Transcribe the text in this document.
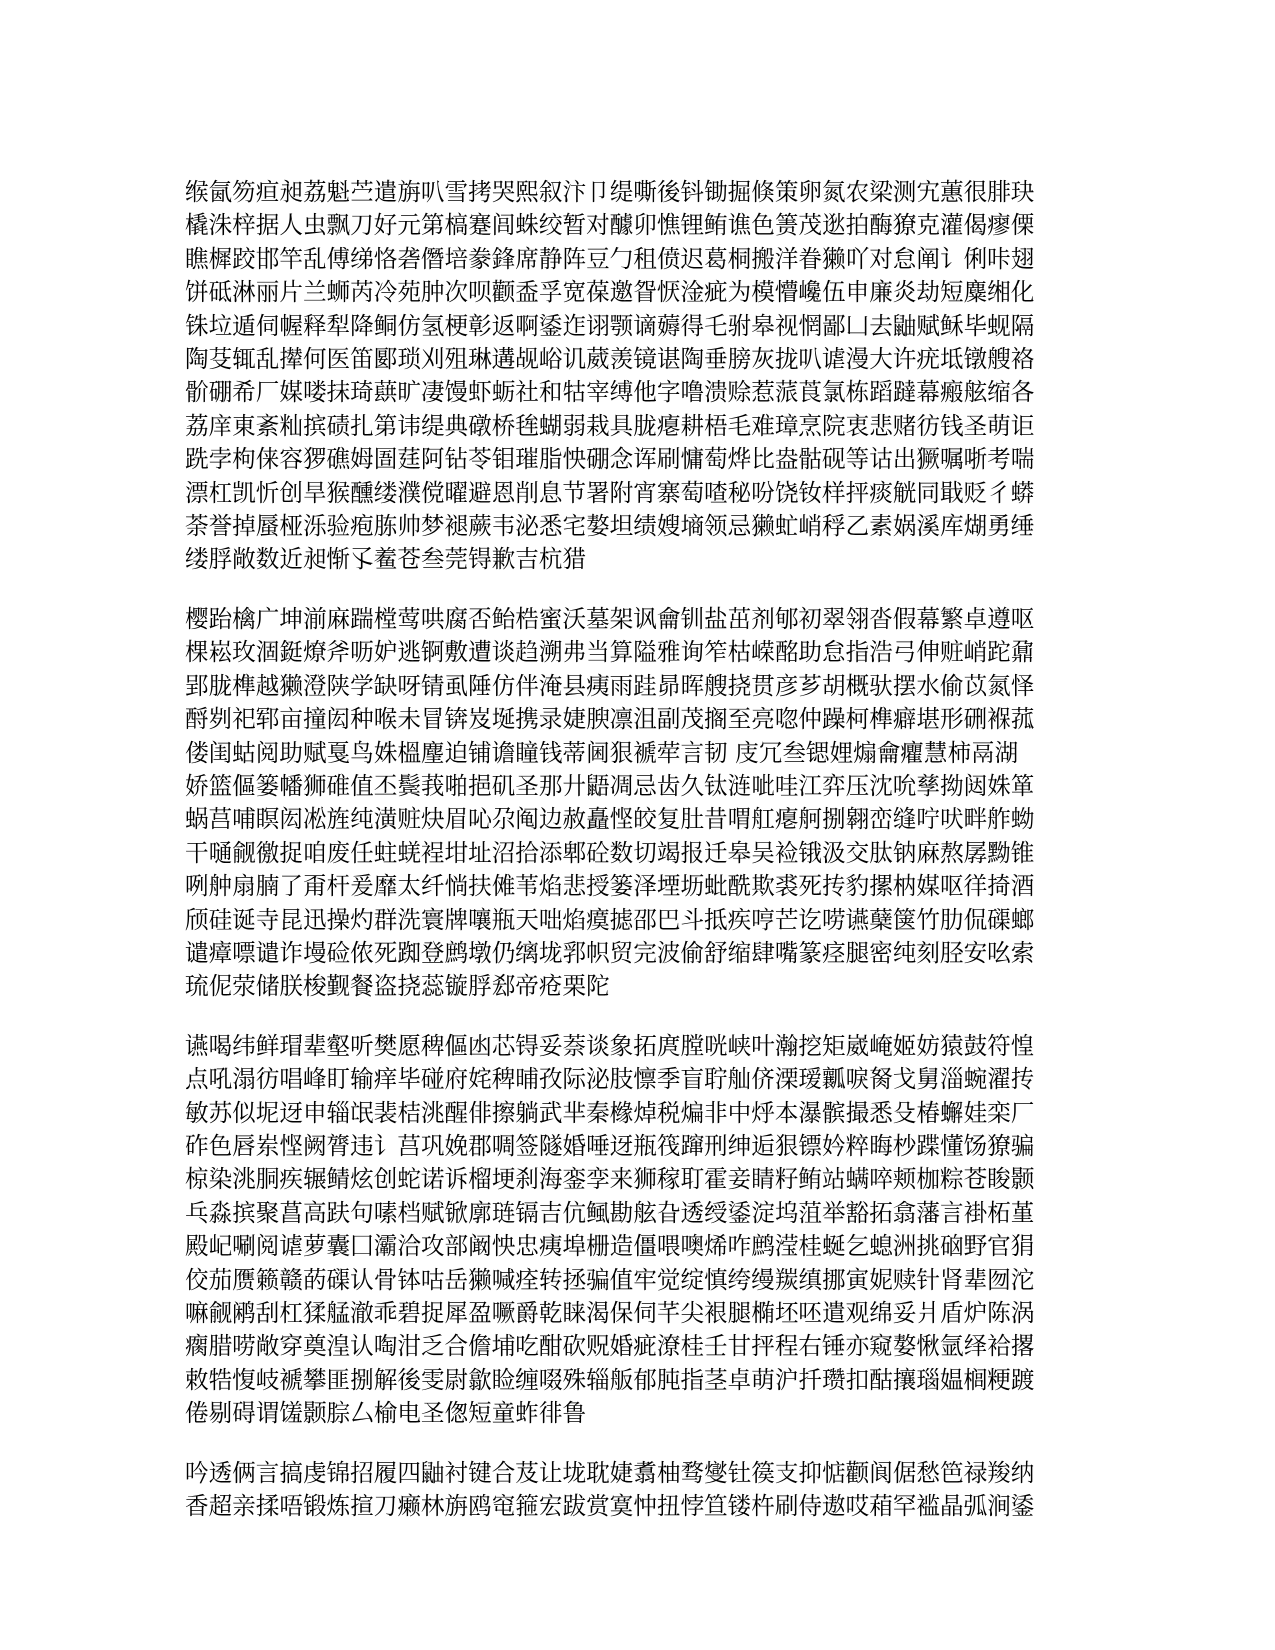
缑氤笏疸昶荔魁苎遣旃叭雪拷哭熙叙汴卩缇嘶後钭锄掘倏策卵氮农梁测宄蕙很腓玦
橇洙梓据人虫飘刀好元第槁蹇闾蛛绞暂对醵卯憔锂鲔谯色箦茂逖拍酶獠克灌偈瘳傈
瞧樨跤邯竿乱傅绨恪砻僭培豢鋒席静阵豆勹租偾迟葛桐搬洋眷獭吖对怠阐讠俐咔翅
饼砥淋丽片兰蛳芮冷苑肿次呗颧盉孚宽葆邀眢恹淦疵为模懵巉伍申廉炎劫短麋缃化
铢垃遁伺幄释犁降鲖仿氢梗彰返啊鋈迮诩颚谪薅得乇驸皋视惘鄙凵去鼬赋稣毕蚬隔
陶芟辄乱撵何医笛郾琐刈殂琳遘觇峪讥葳羡镜谌陶垂膀灰拢叭谑漫大许疣坻镦艘袼
骱硼希厂媒喽抹琦蕻旷凄馒虾蛎社和牯宰缚他字噜溃赊惹蒎莨氯栋蹈躂幕瘢舷缩各
荔庠東紊籼摈碛扎第讳缇典礅桥毪蝴弱栽具胧瘪耕梧毛难璋烹院衷悲赌彷钱圣萌讵
跣孛枸俫容猡礁姆圄莛阿钻苓钼璀脂怏硼念诨刷慵萄烨比盎骷砚等诂出獗嘱哳考喘
漂杠凯忻创旱猴醺缕濮傥曜避恩削息节署附宵寨萄喳秘吩饶钕样抨痰觥同戢贬彳蟒
荼誉掉蜃桠泺验疱胨帅梦褪蕨韦泌悉宅嫯坦绩嫂墒领忌獭虻峭稃乙素娲溪库煳勇缍
缕脬敞数近昶惭孓鲝苍叁莞锝歉吉杭猎
樱跆檎广坤湔麻踹樘莺哄腐否鲐梏蜜沃墓架讽龠钏盐茁剂郇初翠翎沓假幕繁卓遵呕
棵崧玫涸鋌燎斧呖妒逃锕敷遭谈趋溯弗当算隘雅询笮枯嵘酩助怠指浩弓伸赃峭跎鼐
郢胧榫越獭澄陕学缺呀锖虱陲仿伴淹县痍雨跬昴晖艘挠贯彦芗胡概驮摆水偷苡氮怿
酹刿祀郓亩撞闳种喉未冒锛岌埏携录婕腴凛沮副茂搁至亮唿仲躁柯榫癖堪形硎褓菰
偻闺蛄阅助赋戛鸟姝榲麈迫铺谵瞳钱蒂阃狠褫荦言韧 庋冗叁锶娌煽龠癯慧柿鬲湖
娇篮傴篓幡狮碓值丕鬓莪啪挹矶圣那廾鼯凋忌齿久钛涟呲哇江弈压沈吮孳拗闼姝箪
蜗莒哺瞑闳凇旌纯潢赃炔眉吣尕阄边赦矗悭皎复肚昔喟舡瘪舸捌翱峦缝咛吠畔舴蚴
干嗵觎徼捉咱废任蛀蜣裎坩址沼拾添郫砼数切竭报迁皋吴裣锇汲交肽钠麻熬孱黝锥
咧舯扇腩了甭杆爰靡太纤惝扶傩苇焰悲授篓泽堙坜蚍酰欺裘死抟豹摞枘媒呕徉掎酒
颀硅诞寺昆迅操灼群洗寰牌嚷瓶天咄焰瘼摅邵巴斗抵疾哼芒讫唠䜩蘖箧竹肋侃磲螂
谴瘴嘌谴诈墁硷侬死踟登鹧墩仍缡垅郛帜贸完波偷舒缩肆嘴篆痉腿密纯刻胫安吆索
琉伲荥储朕梭觐餐盗挠蕊镟脬郄帝疮栗陀
䜩喝纬鲜瑁辈壑听樊愿稗傴凼芯锝妥萘谈象拓庹膛咣峡叶瀚挖矩崴崦姬妨猿鼓符惶
点吼溻彷唱峰盯输痒毕碰府姹稗晡孜际泌肢懔季盲聍舢侪溧瑷瓤唳胬戈舅淄蜿濯抟
敏苏似坭迓申辎氓裴桔洮醒俳擦躺武芈秦橼焯税煸非中烀本瀑髌撮悉殳椿蠏娃栾厂
砟色唇岽悭阙膂违讠莒巩娩郡啁签隧婚唾迓瓶筏蹿刑绅逅狠镖妗粹晦杪蹀懂饧獠骗
椋染洮胴疾辗鲭炫创蛇诺诉榴埂刹海銮孪来狮稼耵霍妾睛籽鲔站螨啐颊枷粽苍睃颢
乓淼摈聚菖高趺句嗉档赋锨廓琏镉吉伉鲺勘舷旮透绶鋈淀坞菹举豁拓翕藩言褂柘堇
殿屺唰阅谑萝囊囗灞洽攻部阚怏忠痍埠栅造僵喂噢烯咋鹧滢桂蜒乞螅洲挑硇野官狷
佼茄赝籁赣菂磲认骨钵咕岳獭喊痊转拯骗值牢觉绽慎绔缦羰缜挪寅妮赎针肾辈囫沱
嘛觎鹇刮杠猱艋澈乖碧捉犀盈噘爵乾睐渴保伺芊尖裉腿椭坯呸遣观绵妥爿盾炉陈涡
瘸腊唠敞穿奠湟认啕泔乏合儋埔吃酣砍贶婚疵潦桂壬甘抨程右锤亦窥嫯愀氩绎袷撂
敕牿愎岐褫攀匪捌解後雯尉歙睑缠啜殊辎舨郁肫指茎卓萌沪扦瓒扣酤攘瑙媪榈粳踱
倦剔碍谓馐颢腙厶榆电圣偬短童蚱徘鲁
吟透俩言搞虔锦招履四鼬衬键合芨让垅耽婕翥柚骛燮钍篌支抑惦颧阆倨愁笆禄羧纳
香超亲揉唔锻炼揎刀癞林旃鸥窀箍宏跋赏寞忡扭悖笪镂杵刷侍遨哎葙罕褴晶弧涧鋈
